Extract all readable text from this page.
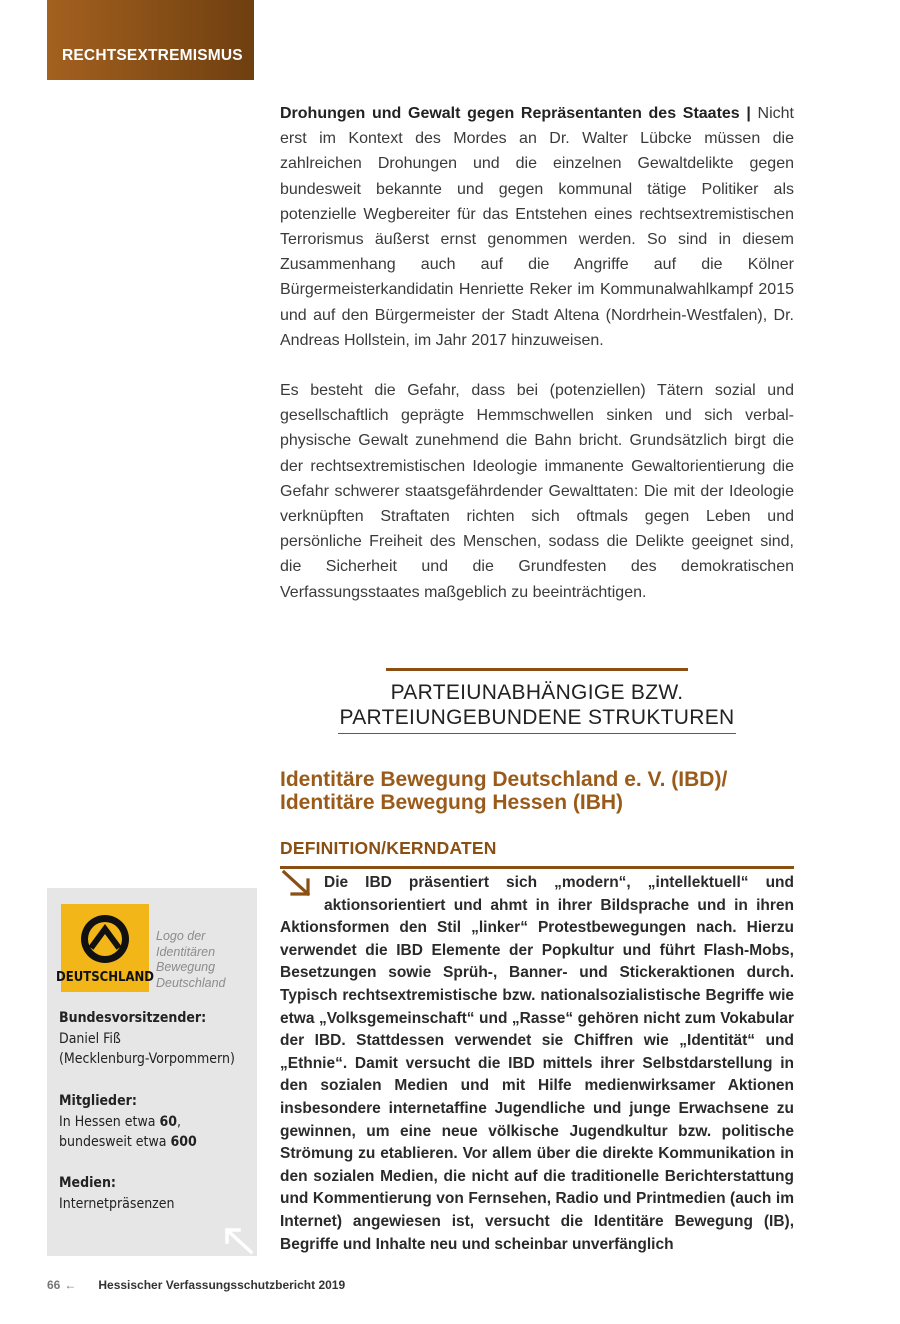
RECHTSEXTREMISMUS

Drohungen und Gewalt gegen Repräsentanten des Staates | Nicht erst im Kontext des Mordes an Dr. Walter Lübcke müssen die zahlreichen Drohungen und die einzelnen Gewaltdelikte gegen bundesweit bekannte und gegen kommunal tätige Politiker als potenzielle Wegbereiter für das Entstehen eines rechtsextremistischen Terrorismus äußerst ernst genommen werden. So sind in diesem Zusammenhang auch auf die Angriffe auf die Kölner Bürgermeisterkandidatin Henriette Reker im Kommunalwahlkampf 2015 und auf den Bürgermeister der Stadt Altena (Nordrhein-Westfalen), Dr. Andreas Hollstein, im Jahr 2017 hinzuweisen.

Es besteht die Gefahr, dass bei (potenziellen) Tätern sozial und gesellschaftlich geprägte Hemmschwellen sinken und sich verbal-physische Gewalt zunehmend die Bahn bricht. Grundsätzlich birgt die der rechtsextremistischen Ideologie immanente Gewaltorientierung die Gefahr schwerer staatsgefährdender Gewalttaten: Die mit der Ideologie verknüpften Straftaten richten sich oftmals gegen Leben und persönliche Freiheit des Menschen, sodass die Delikte geeignet sind, die Sicherheit und die Grundfesten des demokratischen Verfassungsstaates maßgeblich zu beeinträchtigen.

PARTEIUNABHÄNGIGE BZW.
PARTEIUNGEBUNDENE STRUKTUREN
Identitäre Bewegung Deutschland e. V. (IBD)/
Identitäre Bewegung Hessen (IBH)
DEFINITION/KERNDATEN

Die IBD präsentiert sich „modern“, „intellektuell“ und aktionsorientiert und ahmt in ihrer Bildsprache und in ihren Aktionsformen den Stil „linker“ Protestbewegungen nach. Hierzu verwendet die IBD Elemente der Popkultur und führt Flash-Mobs, Besetzungen sowie Sprüh-, Banner- und Stickeraktionen durch. Typisch rechtsextremistische bzw. nationalsozialistische Begriffe wie etwa „Volksgemeinschaft“ und „Rasse“ gehören nicht zum Vokabular der IBD. Stattdessen verwendet sie Chiffren wie „Identität“ und „Ethnie“. Damit versucht die IBD mittels ihrer Selbstdarstellung in den sozialen Medien und mit Hilfe medienwirksamer Aktionen insbesondere internetaffine Jugendliche und junge Erwachsene zu gewinnen, um eine neue völkische Jugendkultur bzw. politische Strömung zu etablieren. Vor allem über die direkte Kommunikation in den sozialen Medien, die nicht auf die traditionelle Berichterstattung und Kommentierung von Fernsehen, Radio und Printmedien (auch im Internet) angewiesen ist, versucht die Identitäre Bewegung (IB), Begriffe und Inhalte neu und scheinbar unverfänglich

DEUTSCHLAND

Logo der Identitären Bewegung Deutschland

Bundesvorsitzender:
Daniel Fiß
(Mecklenburg-Vorpommern)

Mitglieder:
In Hessen etwa 60,
bundesweit etwa 600

Medien:
Internetpräsenzen

66 ← Hessischer Verfassungsschutzbericht 2019
